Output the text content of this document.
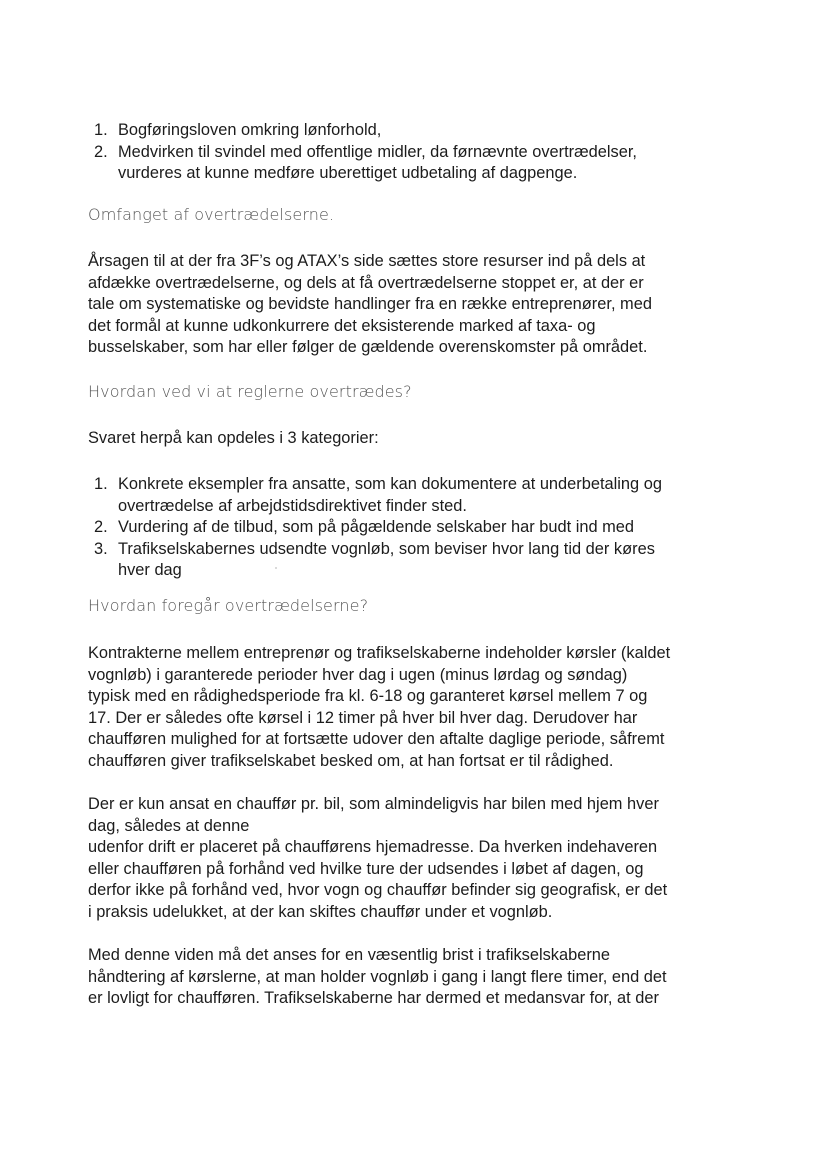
1. Bogføringsloven omkring lønforhold,
2. Medvirken til svindel med offentlige midler, da førnævnte overtrædelser,
vurderes at kunne medføre uberettiget udbetaling af dagpenge.

Omfanget af overtrædelserne.

Årsagen til at der fra 3F’s og ATAX’s side sættes store resurser ind på dels at
afdække overtrædelserne, og dels at få overtrædelserne stoppet er, at der er
tale om systematiske og bevidste handlinger fra en række entreprenører, med
det formål at kunne udkonkurrere det eksisterende marked af taxa- og
busselskaber, som har eller følger de gældende overenskomster på området.

Hvordan ved vi at reglerne overtrædes?

Svaret herpå kan opdeles i 3 kategorier:

1. Konkrete eksempler fra ansatte, som kan dokumentere at underbetaling og
overtrædelse af arbejdstidsdirektivet finder sted.
2. Vurdering af de tilbud, som på pågældende selskaber har budt ind med
3. Trafikselskabernes udsendte vognløb, som beviser hvor lang tid der køres
hver dag

Hvordan foregår overtrædelserne?

Kontrakterne mellem entreprenør og trafikselskaberne indeholder kørsler (kaldet
vognløb) i garanterede perioder hver dag i ugen (minus lørdag og søndag)
typisk med en rådighedsperiode fra kl. 6-18 og garanteret kørsel mellem 7 og
17. Der er således ofte kørsel i 12 timer på hver bil hver dag. Derudover har
chaufføren mulighed for at fortsætte udover den aftalte daglige periode, såfremt
chaufføren giver trafikselskabet besked om, at han fortsat er til rådighed.

Der er kun ansat en chauffør pr. bil, som almindeligvis har bilen med hjem hver
dag, således at denne
udenfor drift er placeret på chaufførens hjemadresse. Da hverken indehaveren
eller chaufføren på forhånd ved hvilke ture der udsendes i løbet af dagen, og
derfor ikke på forhånd ved, hvor vogn og chauffør befinder sig geografisk, er det
i praksis udelukket, at der kan skiftes chauffør under et vognløb.

Med denne viden må det anses for en væsentlig brist i trafikselskaberne
håndtering af kørslerne, at man holder vognløb i gang i langt flere timer, end det
er lovligt for chaufføren. Trafikselskaberne har dermed et medansvar for, at der
